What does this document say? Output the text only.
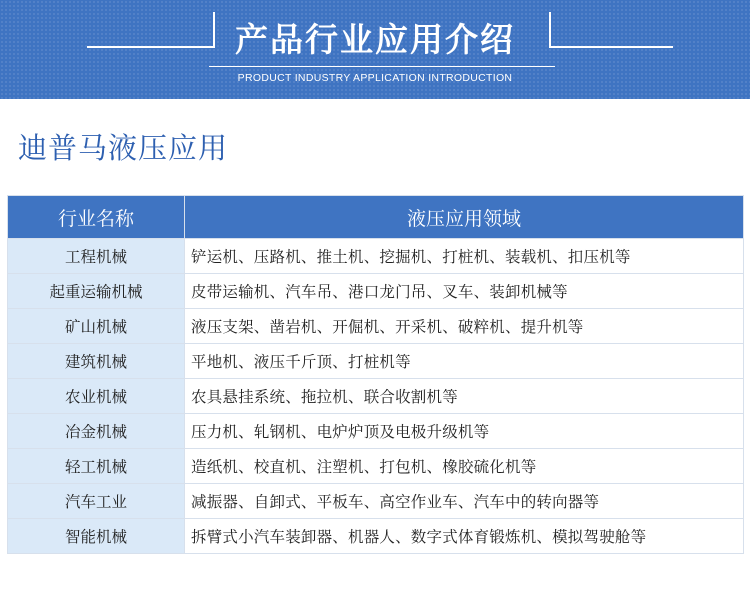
产品行业应用介绍
PRODUCT INDUSTRY APPLICATION INTRODUCTION
迪普马液压应用
行业名称	液压应用领域
工程机械	铲运机、压路机、推土机、挖掘机、打桩机、装载机、扣压机等
起重运输机械	皮带运输机、汽车吊、港口龙门吊、叉车、装卸机械等
矿山机械	液压支架、凿岩机、开倔机、开采机、破粹机、提升机等
建筑机械	平地机、液压千斤顶、打桩机等
农业机械	农具悬挂系统、拖拉机、联合收割机等
冶金机械	压力机、轧钢机、电炉炉顶及电极升级机等
轻工机械	造纸机、校直机、注塑机、打包机、橡胶硫化机等
汽车工业	减振器、自卸式、平板车、高空作业车、汽车中的转向器等
智能机械	拆臂式小汽车装卸器、机器人、数字式体育锻炼机、模拟驾驶舱等
